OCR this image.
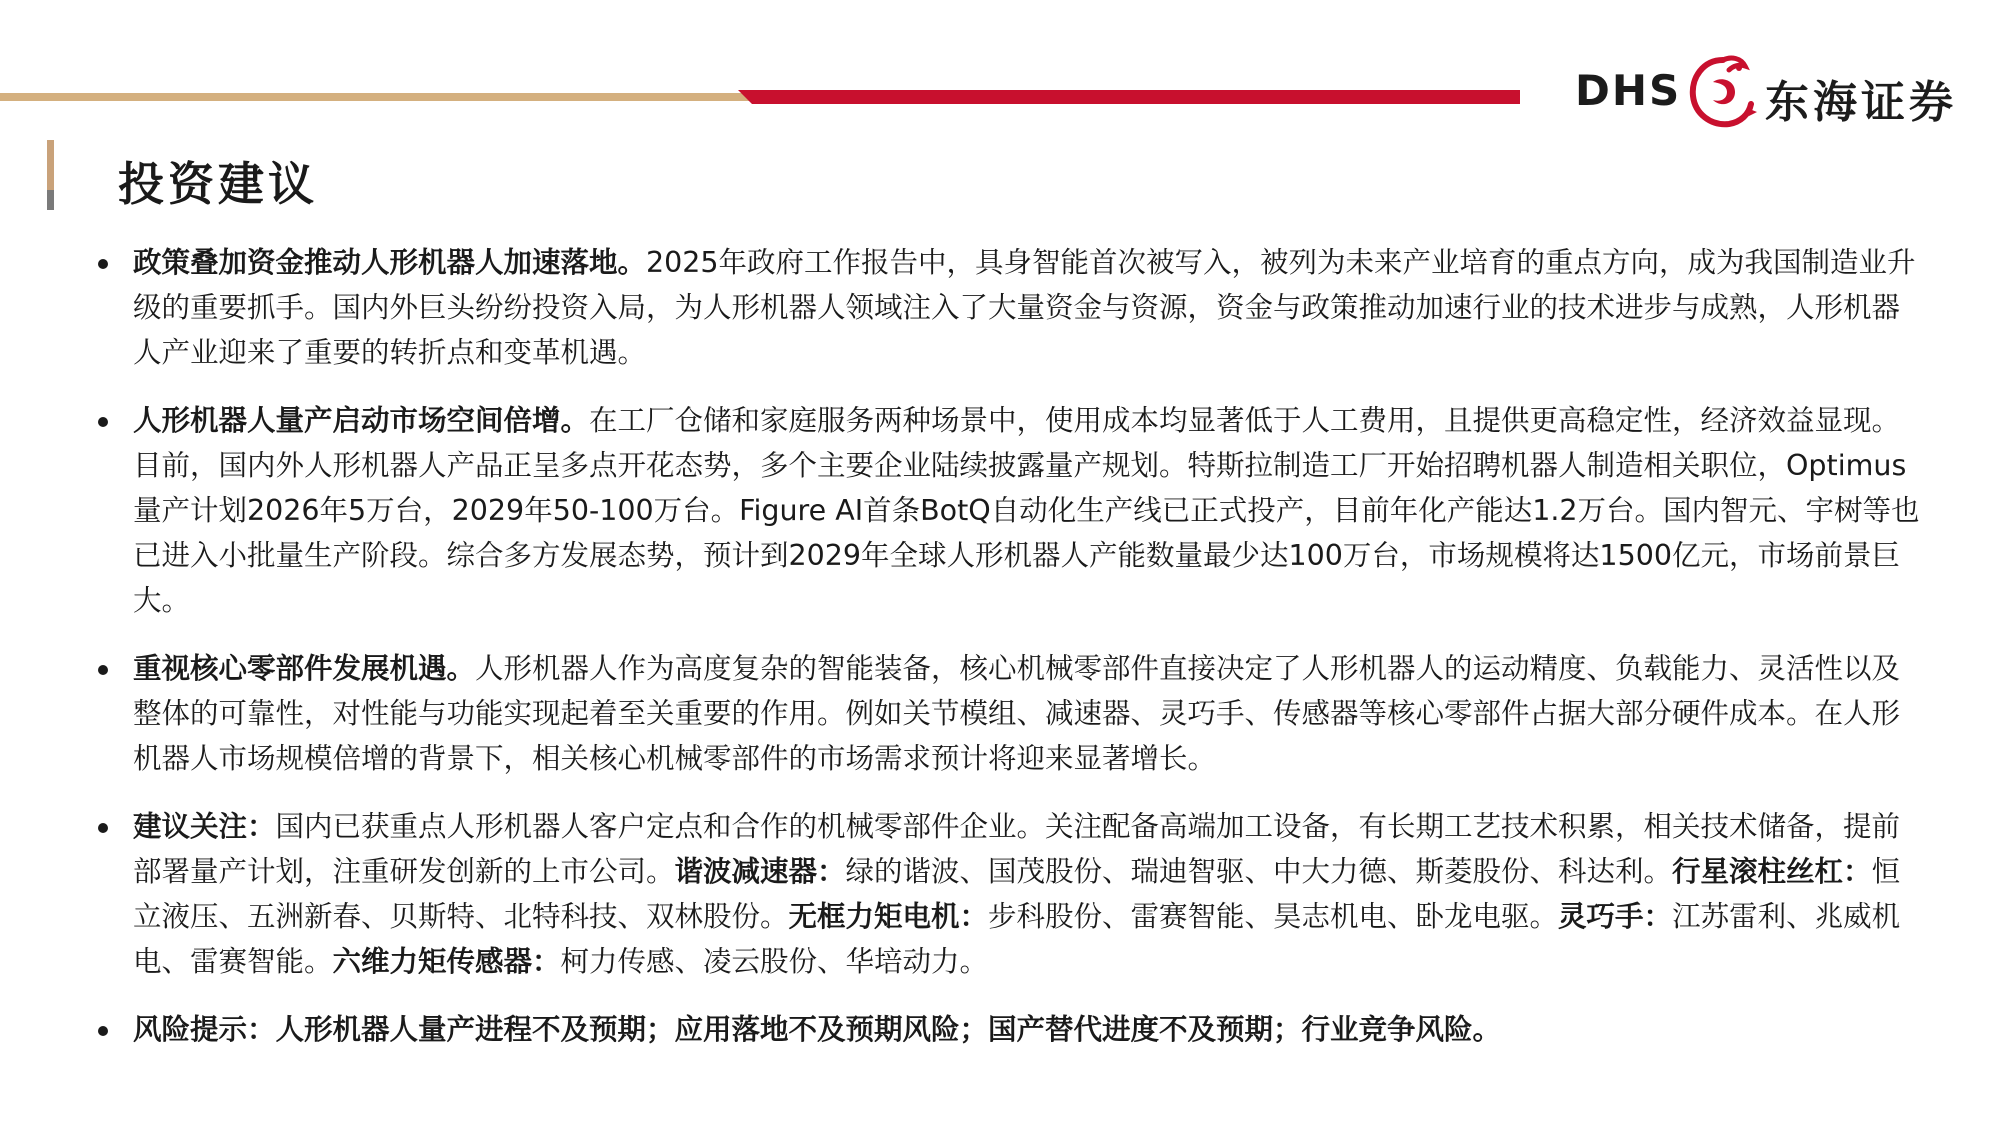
DHS 东海证券
投资建议
政策叠加资金推动人形机器人加速落地。2025年政府工作报告中，具身智能首次被写入，被列为未来产业培育的重点方向，成为我国制造业升级的重要抓手。国内外巨头纷纷投资入局，为人形机器人领域注入了大量资金与资源，资金与政策推动加速行业的技术进步与成熟，人形机器人产业迎来了重要的转折点和变革机遇。
人形机器人量产启动市场空间倍增。在工厂仓储和家庭服务两种场景中，使用成本均显著低于人工费用，且提供更高稳定性，经济效益显现。目前，国内外人形机器人产品正呈多点开花态势，多个主要企业陆续披露量产规划。特斯拉制造工厂开始招聘机器人制造相关职位，Optimus量产计划2026年5万台，2029年50-100万台。Figure AI首条BotQ自动化生产线已正式投产，目前年化产能达1.2万台。国内智元、宇树等也已进入小批量生产阶段。综合多方发展态势，预计到2029年全球人形机器人产能数量最少达100万台，市场规模将达1500亿元，市场前景巨大。
重视核心零部件发展机遇。人形机器人作为高度复杂的智能装备，核心机械零部件直接决定了人形机器人的运动精度、负载能力、灵活性以及整体的可靠性，对性能与功能实现起着至关重要的作用。例如关节模组、减速器、灵巧手、传感器等核心零部件占据大部分硬件成本。在人形机器人市场规模倍增的背景下，相关核心机械零部件的市场需求预计将迎来显著增长。
建议关注：国内已获重点人形机器人客户定点和合作的机械零部件企业。关注配备高端加工设备，有长期工艺技术积累，相关技术储备，提前部署量产计划，注重研发创新的上市公司。谐波减速器：绿的谐波、国茂股份、瑞迪智驱、中大力德、斯菱股份、科达利。行星滚柱丝杠：恒立液压、五洲新春、贝斯特、北特科技、双林股份。无框力矩电机：步科股份、雷赛智能、昊志机电、卧龙电驱。灵巧手：江苏雷利、兆威机电、雷赛智能。六维力矩传感器：柯力传感、凌云股份、华培动力。
风险提示：人形机器人量产进程不及预期；应用落地不及预期风险；国产替代进度不及预期；行业竞争风险。
